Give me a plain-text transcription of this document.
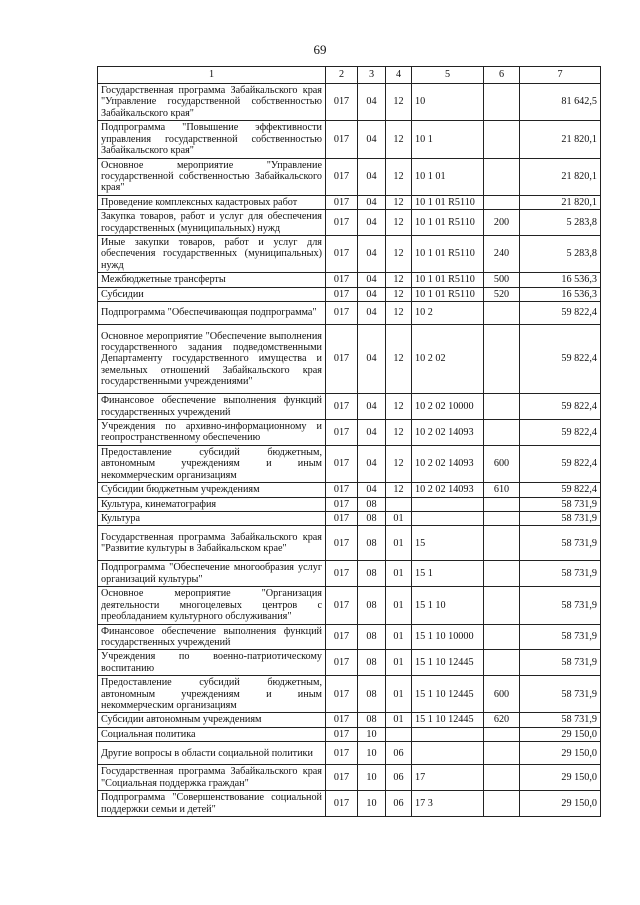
69
1	2	3	4	5	6	7
Государственная программа Забайкальского края "Управление государственной собственностью Забайкальского края"	017	04	12	10		81 642,5
Подпрограмма "Повышение эффективности управления государственной собственностью Забайкальского края"	017	04	12	10 1		21 820,1
Основное мероприятие "Управление государственной собственностью Забайкальского края"	017	04	12	10 1 01		21 820,1
Проведение комплексных кадастровых работ	017	04	12	10 1 01 R5110		21 820,1
Закупка товаров, работ и услуг для обеспечения государственных (муниципальных) нужд	017	04	12	10 1 01 R5110	200	5 283,8
Иные закупки товаров, работ и услуг для обеспечения государственных (муниципальных) нужд	017	04	12	10 1 01 R5110	240	5 283,8
Межбюджетные трансферты	017	04	12	10 1 01 R5110	500	16 536,3
Субсидии	017	04	12	10 1 01 R5110	520	16 536,3
Подпрограмма "Обеспечивающая подпрограмма"	017	04	12	10 2		59 822,4
Основное мероприятие "Обеспечение выполнения государственного задания подведомственными Департаменту государственного имущества и земельных отношений Забайкальского края государственными учреждениями"	017	04	12	10 2 02		59 822,4
Финансовое обеспечение выполнения функций государственных учреждений	017	04	12	10 2 02 10000		59 822,4
Учреждения по архивно-информационному и геопространственному обеспечению	017	04	12	10 2 02 14093		59 822,4
Предоставление субсидий бюджетным, автономным учреждениям и иным некоммерческим организациям	017	04	12	10 2 02 14093	600	59 822,4
Субсидии бюджетным учреждениям	017	04	12	10 2 02 14093	610	59 822,4
Культура, кинематография	017	08				58 731,9
Культура	017	08	01			58 731,9
Государственная программа Забайкальского края "Развитие культуры в Забайкальском крае"	017	08	01	15		58 731,9
Подпрограмма "Обеспечение многообразия услуг организаций культуры"	017	08	01	15 1		58 731,9
Основное мероприятие "Организация деятельности многоцелевых центров с преобладанием культурного обслуживания"	017	08	01	15 1 10		58 731,9
Финансовое обеспечение выполнения функций государственных учреждений	017	08	01	15 1 10 10000		58 731,9
Учреждения по военно-патриотическому воспитанию	017	08	01	15 1 10 12445		58 731,9
Предоставление субсидий бюджетным, автономным учреждениям и иным некоммерческим организациям	017	08	01	15 1 10 12445	600	58 731,9
Субсидии автономным учреждениям	017	08	01	15 1 10 12445	620	58 731,9
Социальная политика	017	10				29 150,0
Другие вопросы в области социальной политики	017	10	06			29 150,0
Государственная программа Забайкальского края "Социальная поддержка граждан"	017	10	06	17		29 150,0
Подпрограмма "Совершенствование социальной поддержки семьи и детей"	017	10	06	17 3		29 150,0
